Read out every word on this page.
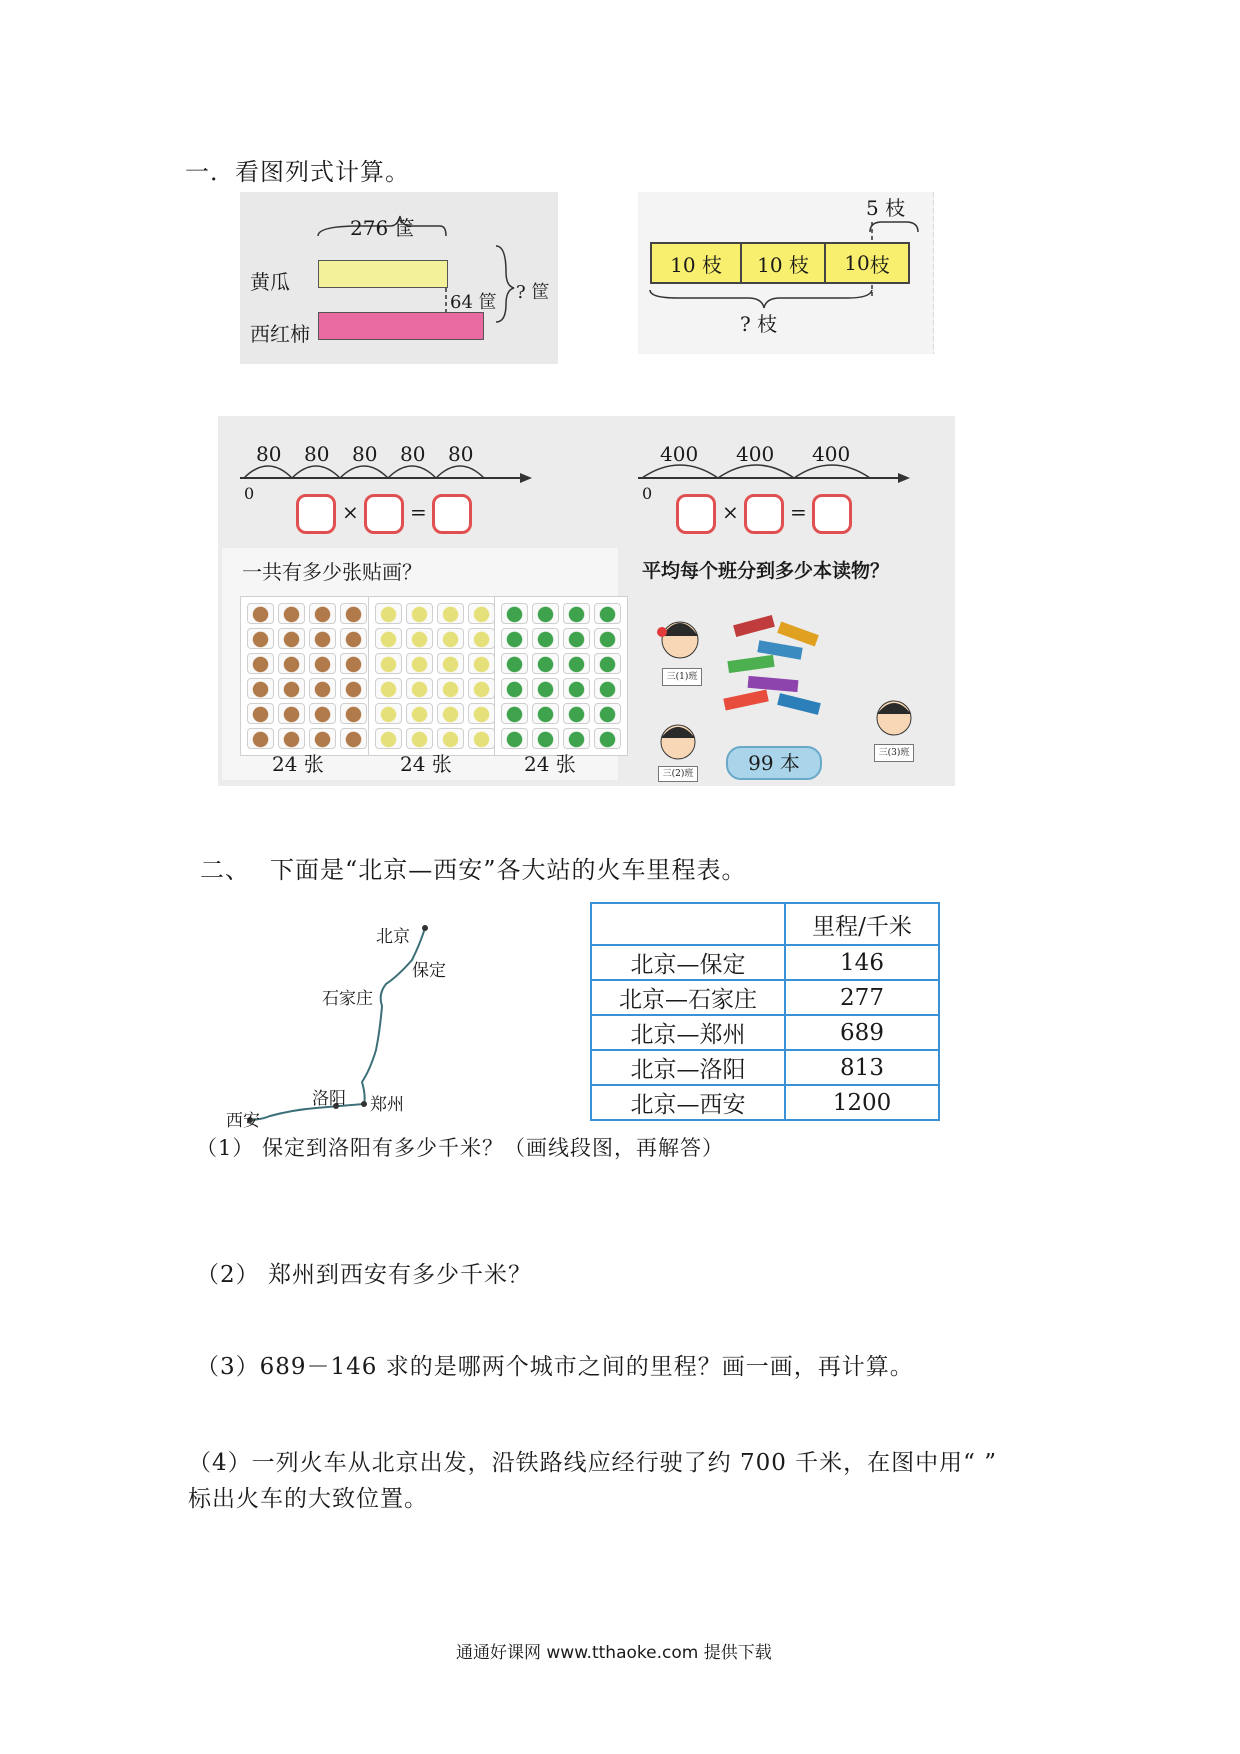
一．看图列式计算。
276 筐
黄瓜
西红柿
64 筐 ? 筐
5 枝
10 枝	10 枝	10 枝
? 枝
80 80 80 80 80
0
×	=
400 400 400
0
×	=
一共有多少张贴画？
24 张	24 张	24 张
平均每个班分到多少本读物？
三(1)班
三(2)班
三(3)班
99 本
二、 下面是“北京—西安”各大站的火车里程表。
北京
保定
石家庄
洛阳 郑州
西安
	里程/千米
北京—保定	146
北京—石家庄	277
北京—郑州	689
北京—洛阳	813
北京—西安	1200
（1） 保定到洛阳有多少千米？（画线段图，再解答）
（2） 郑州到西安有多少千米？
（3）689－146 求的是哪两个城市之间的里程？画一画，再计算。
（4）一列火车从北京出发，沿铁路线应经行驶了约 700 千米，在图中用“ ”
标出火车的大致位置。
通通好课网 www.tthaoke.com 提供下载
